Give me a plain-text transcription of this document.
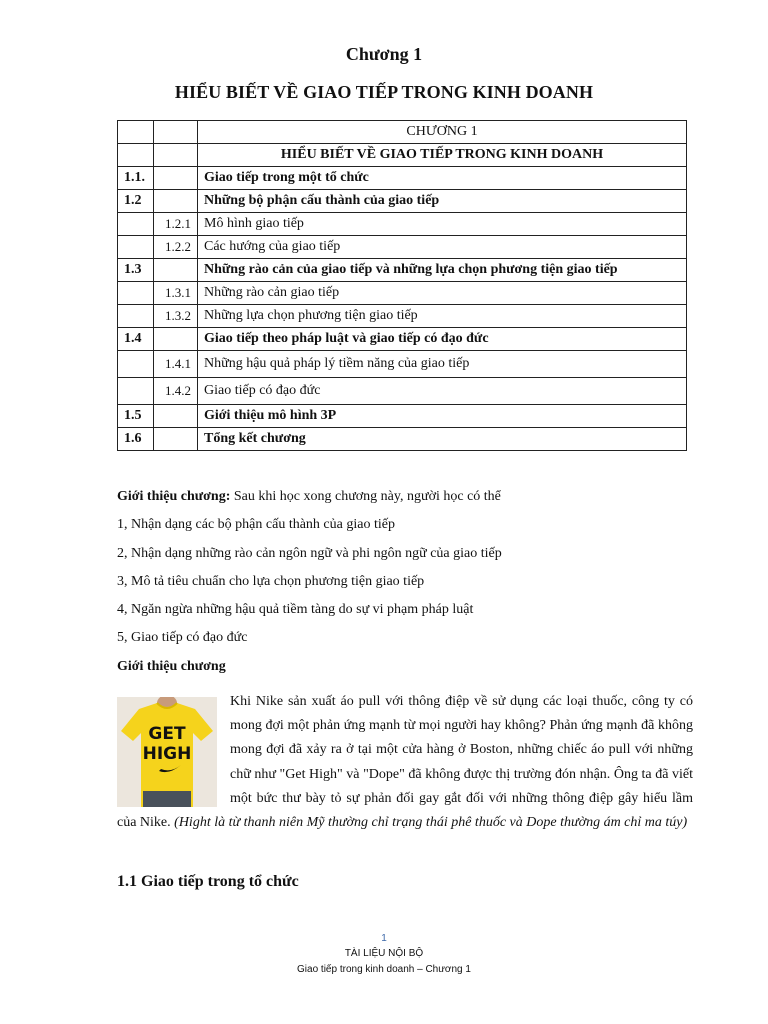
Chương 1
HIỂU BIẾT VỀ GIAO TIẾP TRONG KINH DOANH
		CHƯƠNG 1
		HIỂU BIẾT VỀ GIAO TIẾP TRONG KINH DOANH
1.1.		Giao tiếp trong một tổ chức
1.2		Những bộ phận cấu thành của giao tiếp
	1.2.1	Mô hình giao tiếp
	1.2.2	Các hướng của giao tiếp
1.3		Những rào cản của giao tiếp và những lựa chọn phương tiện giao tiếp
	1.3.1	Những rào cản giao tiếp
	1.3.2	Những lựa chọn phương tiện giao tiếp
1.4		Giao tiếp theo pháp luật và giao tiếp có đạo đức
	1.4.1	Những hậu quả pháp lý tiềm năng của giao tiếp
	1.4.2	Giao tiếp có đạo đức
1.5		Giới thiệu mô hình 3P
1.6		Tổng kết chương
Giới thiệu chương: Sau khi học xong chương này, người học có thể
1, Nhận dạng các bộ phận cấu thành của giao tiếp
2, Nhận dạng những rào cản ngôn ngữ và phi ngôn ngữ của giao tiếp
3, Mô tả tiêu chuẩn cho lựa chọn phương tiện giao tiếp
4, Ngăn ngừa những hậu quả tiềm tàng do sự vi phạm pháp luật
5, Giao tiếp có đạo đức
Giới thiệu chương
Khi Nike sản xuất áo pull với thông điệp về sử dụng các loại thuốc, công ty có mong đợi một phản ứng mạnh từ mọi người hay không? Phản ứng mạnh đã không mong đợi đã xảy ra ở tại một cửa hàng ở Boston, những chiếc áo pull với những chữ như "Get High" và "Dope" đã không được thị trường đón nhận. Ông ta đã viết một bức thư bày tỏ sự phản đối gay gắt đối với những thông điệp gây hiểu lầm của Nike. (Hight là từ thanh niên Mỹ thường chỉ trạng thái phê thuốc và Dope thường ám chỉ ma túy)
GET
HIGH
1.1 Giao tiếp trong tổ chức
1
TÀI LIỆU NỘI BỘ
Giao tiếp trong kinh doanh – Chương 1
